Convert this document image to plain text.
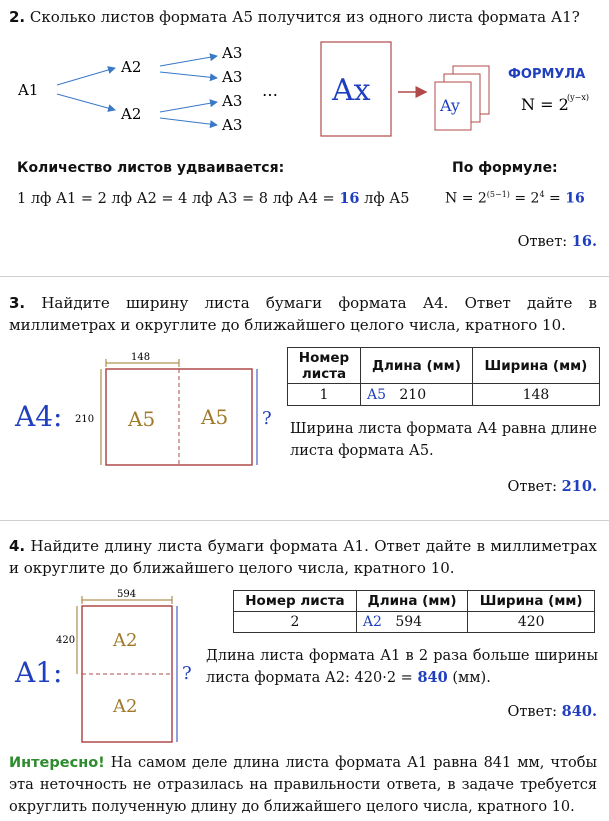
2. Сколько листов формата А5 получится из одного листа формата А1?
A1
A2
A2
A3
A3
A3
A3
… Ax	Ay
ФОРМУЛА
N = 2
(y−x)
Количество листов удваивается:
1 лф А1 = 2 лф А2 = 4 лф А3 = 8 лф А4 = 16 лф А5
По формуле:
$N = 2^{(5-1)} = 2^4 = 16$
Ответ: 16.
3. Найдите ширину листа бумаги формата А4. Ответ дайте в миллиметрах и округлите до ближайшего целого числа, кратного 10.
A4:	A5 A5
148
210	?
Номер листа	Длина (мм)	Ширина (мм)
1	A5 210	148
Ширина листа формата А4 равна длине листа формата А5.
Ответ: 210.
4. Найдите длину листа бумаги формата А1. Ответ дайте в миллиметрах и округлите до ближайшего целого числа, кратного 10.
A1:
A2
A2
594
420
?
Номер листа	Длина (мм)	Ширина (мм)
2	A2 594	420
Длина листа формата А1 в 2 раза больше ширины листа формата А2: 420·2 = 840 (мм).
Ответ: 840.
Интересно! На самом деле длина листа формата А1 равна 841 мм, чтобы эта неточность не отразилась на правильности ответа, в задаче требуется округлить полученную длину до ближайшего целого числа, кратного 10.
